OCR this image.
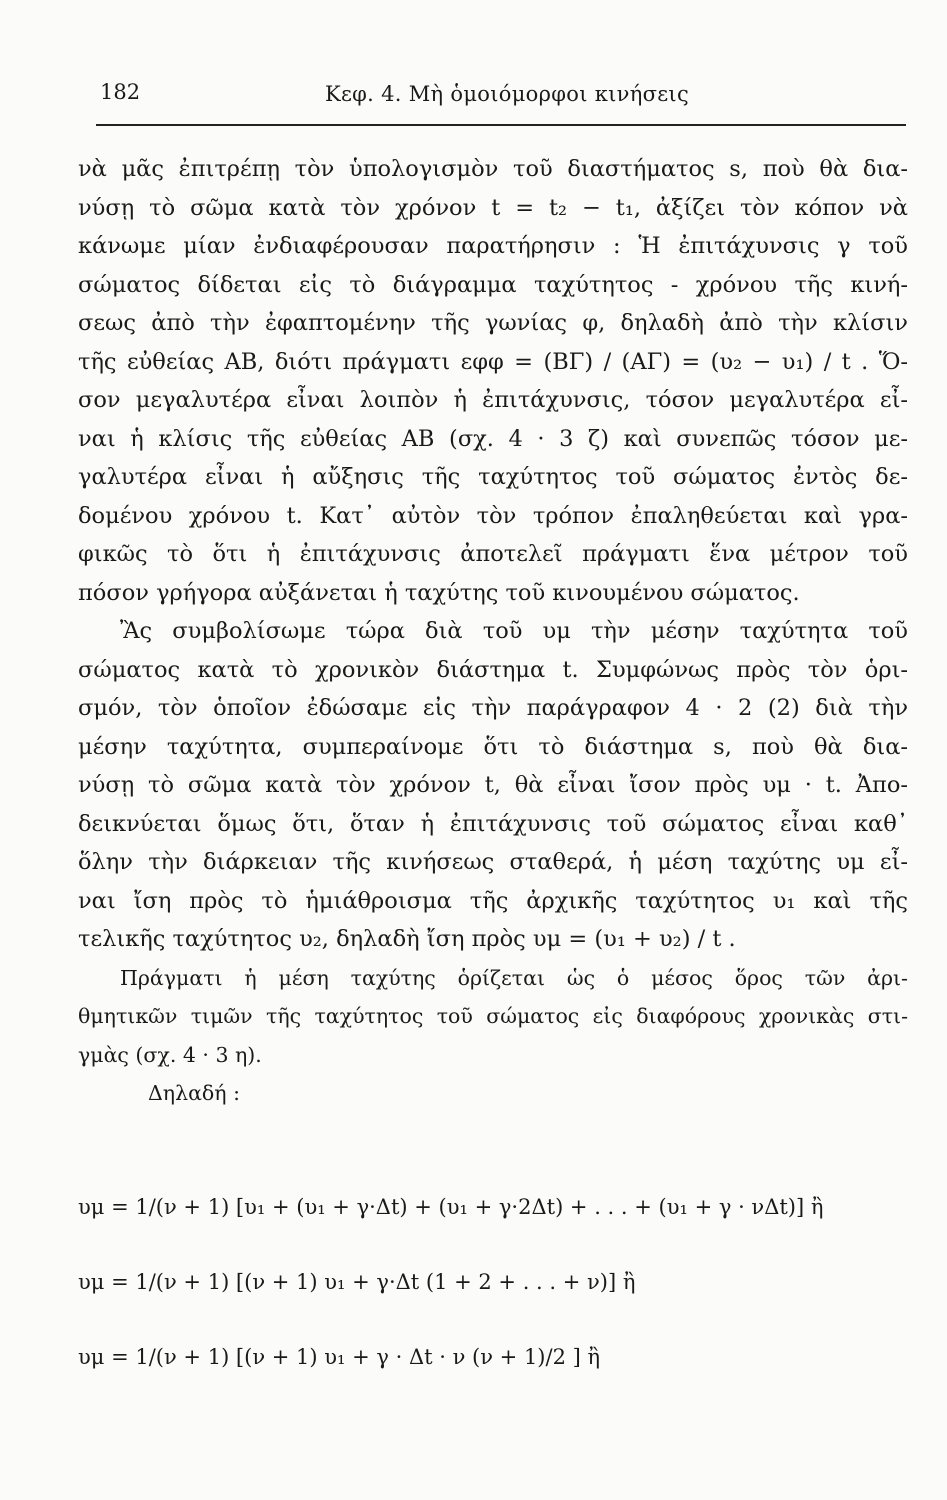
182	Κεφ. 4. Μὴ ὁμοιόμορφοι κινήσεις
νὰ μᾶς ἐπιτρέπῃ τὸν ὑπολογισμὸν τοῦ διαστήματος s, ποὺ θὰ δια-
νύσῃ τὸ σῶμα κατὰ τὸν χρόνον t = t₂ − t₁, ἀξίζει τὸν κόπον νὰ
κάνωμε μίαν ἐνδιαφέρουσαν παρατήρησιν : Ἡ ἐπιτάχυνσις γ τοῦ
σώματος δίδεται εἰς τὸ διάγραμμα ταχύτητος - χρόνου τῆς κινή-
σεως ἀπὸ τὴν ἐφαπτομένην τῆς γωνίας φ, δηλαδὴ ἀπὸ τὴν κλίσιν
τῆς εὐθείας ΑΒ, διότι πράγματι εφφ = (ΒΓ) / (ΑΓ) = (υ₂ − υ₁) / t . Ὅ-
σον μεγαλυτέρα εἶναι λοιπὸν ἡ ἐπιτάχυνσις, τόσον μεγαλυτέρα εἶ-
ναι ἡ κλίσις τῆς εὐθείας ΑΒ (σχ. 4 · 3 ζ) καὶ συνεπῶς τόσον με-
γαλυτέρα εἶναι ἡ αὔξησις τῆς ταχύτητος τοῦ σώματος ἐντὸς δε-
δομένου χρόνου t. Κατ᾽ αὐτὸν τὸν τρόπον ἐπαληθεύεται καὶ γρα-
φικῶς τὸ ὅτι ἡ ἐπιτάχυνσις ἀποτελεῖ πράγματι ἕνα μέτρον τοῦ
πόσον γρήγορα αὐξάνεται ἡ ταχύτης τοῦ κινουμένου σώματος.
Ἂς συμβολίσωμε τώρα διὰ τοῦ υμ τὴν μέσην ταχύτητα τοῦ
σώματος κατὰ τὸ χρονικὸν διάστημα t. Συμφώνως πρὸς τὸν ὁρι-
σμόν, τὸν ὁποῖον ἐδώσαμε εἰς τὴν παράγραφον 4 · 2 (2) διὰ τὴν
μέσην ταχύτητα, συμπεραίνομε ὅτι τὸ διάστημα s, ποὺ θὰ δια-
νύσῃ τὸ σῶμα κατὰ τὸν χρόνον t, θὰ εἶναι ἴσον πρὸς υμ · t. Ἀπο-
δεικνύεται ὅμως ὅτι, ὅταν ἡ ἐπιτάχυνσις τοῦ σώματος εἶναι καθ᾽
ὅλην τὴν διάρκειαν τῆς κινήσεως σταθερά, ἡ μέση ταχύτης υμ εἶ-
ναι ἴση πρὸς τὸ ἡμιάθροισμα τῆς ἀρχικῆς ταχύτητος υ₁ καὶ τῆς
τελικῆς ταχύτητος υ₂, δηλαδὴ ἴση πρὸς υμ = (υ₁ + υ₂) / t .
Πράγματι ἡ μέση ταχύτης ὁρίζεται ὡς ὁ μέσος ὅρος τῶν ἀρι-
θμητικῶν τιμῶν τῆς ταχύτητος τοῦ σώματος εἰς διαφόρους χρονικὰς στι-
γμὰς (σχ. 4 · 3 η).
Δηλαδή :
υμ = 1/(ν + 1) [υ₁ + (υ₁ + γ·Δt) + (υ₁ + γ·2Δt) + . . . + (υ₁ + γ · νΔt)] ἢ
υμ = 1/(ν + 1) [(ν + 1) υ₁ + γ·Δt (1 + 2 + . . . + ν)] ἢ
υμ = 1/(ν + 1) [(ν + 1) υ₁ + γ · Δt · ν (ν + 1)/2 ] ἢ
